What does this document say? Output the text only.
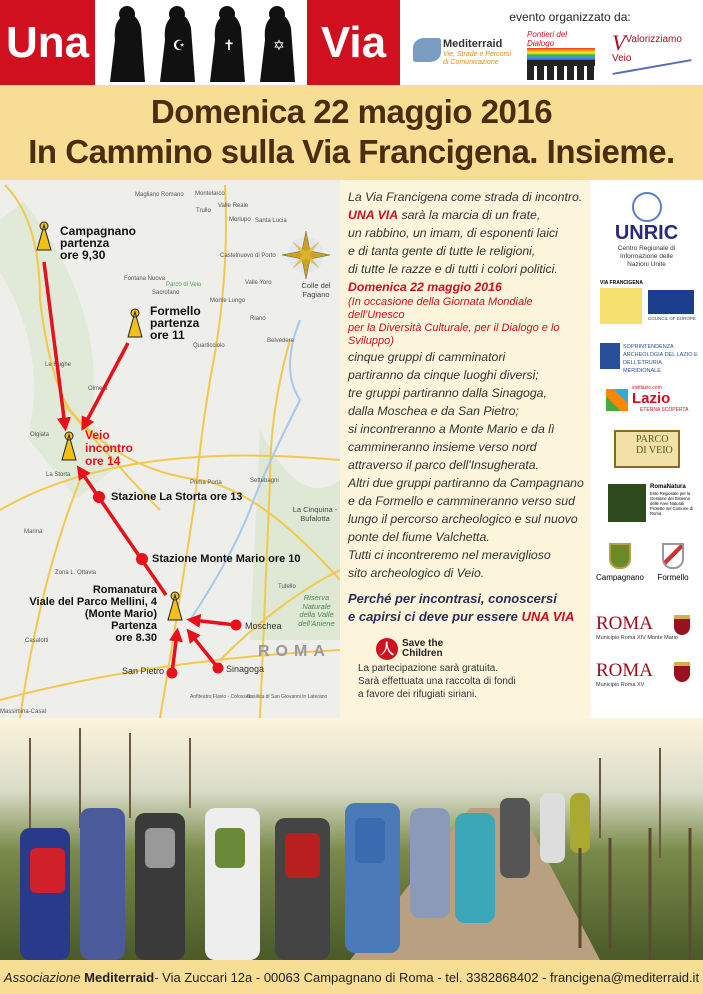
Una	☪	✝	✡ Via
evento organizzato da:
Mediterraid
Vie, Strade e Percorsi di Comunicazione
Pontieri del Dialogo	$V^{Valorizziamo Veio}$
Domenica 22 maggio 2016
In Cammino sulla Via Francigena. Insieme.
Magliano Romano Montelarco
Valle Reale
Trullo
Morlupo Santa Lucia
Castelnuovo di Porto
Fontana Nuova
Sacrofano
Parco di Veio	Valle Yoro
Monte Lungo
Riano
Belvedere
Quarticciolo
Le Rughe
Olmeta
Olgiata
La Storta
Prima Porta	Settebagni
Marina
Zona L. Ottavia
Tufello
Casalotti
Anfiteatro Flavio - Colosseo
Basilica di San Giovanni in Laterano
Massimina-Casal
ROMA
Campagnano partenza ore 9,30
Formello partenza ore 11
Veio incontro ore 14
Stazione La Storta ore 13
Stazione Monte Mario ore 10
Romanatura Viale del Parco Mellini, 4 (Monte Mario) Partenza ore 8.30
Moschea
Sinagoga
San Pietro
Colle del Fagiano
La Cinquina - Bufalotta
Riserva Naturale della Valle dell'Aniene
La Via Francigena come strada di incontro.
UNA VIA sarà la marcia di un frate,
un rabbino, un imam, di esponenti laici
e di tanta gente di tutte le religioni,
di tutte le razze e di tutti i colori politici.
Domenica 22 maggio 2016
(In occasione della Giornata Mondiale dell'Unesco
per la Diversità Culturale, per il Dialogo e lo Sviluppo)
cinque gruppi di camminatori
partiranno da cinque luoghi diversi;
tre gruppi partiranno dalla Sinagoga,
dalla Moschea e da San Pietro;
si incontreranno a Monte Mario e da lì
cammineranno insieme verso nord
attraverso il parco dell'Insugherata.
Altri due gruppi partiranno da Campagnano
e da Formello e cammineranno verso sud
lungo il percorso archeologico e sul nuovo
ponte del fiume Valchetta.
Tutti ci incontreremo nel meraviglioso
sito archeologico di Veio.
Perché per incontrasi, conoscersi
e capirsi ci deve pur essere UNA VIA
人 Save the Children
La partecipazione sarà gratuita.
Sarà effettuata una raccolta di fondi
a favore dei rifugiati siriani.
UNRIC
Centro Regionale di Informazione delle Nazioni Unite
VIA FRANCIGENA
COUNCIL OF EUROPE
SOPRINTENDENZA ARCHEOLOGIA DEL LAZIO E DELL'ETRURIA MERIDIONALE
visitlazio.com
Lazio
ETERNA SCOPERTA
PARCO DI VEIO
RomaNatura
Ente Regionale per la Gestione del Sistema delle Aree Naturali Protette nel Comune di Roma
Campagnano	Formello
ROMA
Municipio Roma XIV Monte Mario
ROMA
Municipio Roma XV
Associazione
Mediterraid - Via Zuccari 12a - 00063 Campagnano di Roma - tel. 3382868402 - francigena@mediterraid.it
